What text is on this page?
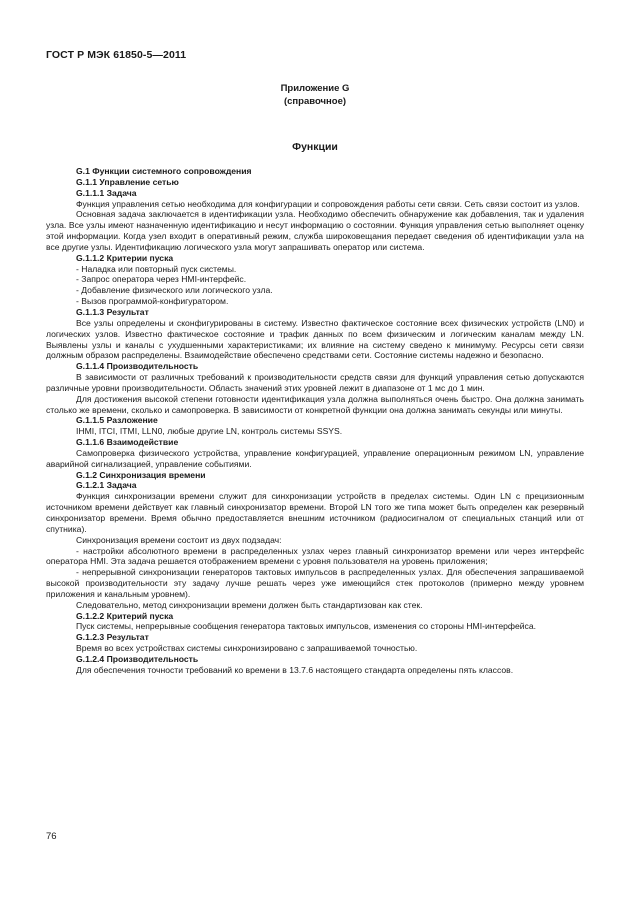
ГОСТ Р МЭК 61850-5—2011
Приложение G
(справочное)
Функции

G.1 Функции системного сопровождения

G.1.1 Управление сетью

G.1.1.1 Задача

Функция управления сетью необходима для конфигурации и сопровождения работы сети связи. Сеть связи состоит из узлов.

Основная задача заключается в идентификации узла. Необходимо обеспечить обнаружение как добавления, так и удаления узла. Все узлы имеют назначенную идентификацию и несут информацию о состоянии. Функция управления сетью выполняет оценку этой информации. Когда узел входит в оперативный режим, служба широковещания передает сведения об идентификации узла на все другие узлы. Идентификацию логического узла могут запрашивать оператор или система.

G.1.1.2 Критерии пуска

- Наладка или повторный пуск системы.

- Запрос оператора через HMI-интерфейс.

- Добавление физического или логического узла.

- Вызов программой-конфигуратором.

G.1.1.3 Результат

Все узлы определены и сконфигурированы в систему. Известно фактическое состояние всех физических устройств (LN0) и логических узлов. Известно фактическое состояние и трафик данных по всем физическим и логическим каналам между LN. Выявлены узлы и каналы с ухудшенными характеристиками; их влияние на систему сведено к минимуму. Ресурсы сети связи должным образом распределены. Взаимодействие обеспечено средствами сети. Состояние системы надежно и безопасно.

G.1.1.4 Производительность

В зависимости от различных требований к производительности средств связи для функций управления сетью допускаются различные уровни производительности. Область значений этих уровней лежит в диапазоне от 1 мс до 1 мин.

Для достижения высокой степени готовности идентификация узла должна выполняться очень быстро. Она должна занимать столько же времени, сколько и самопроверка. В зависимости от конкретной функции она должна занимать секунды или минуты.

G.1.1.5 Разложение

IHMI, ITCI, ITMI, LLN0, любые другие LN, контроль системы SSYS.

G.1.1.6 Взаимодействие

Самопроверка физического устройства, управление конфигурацией, управление операционным режимом LN, управление аварийной сигнализацией, управление событиями.

G.1.2 Синхронизация времени

G.1.2.1 Задача

Функция синхронизации времени служит для синхронизации устройств в пределах системы. Один LN с прецизионным источником времени действует как главный синхронизатор времени. Второй LN того же типа может быть определен как резервный синхронизатор времени. Время обычно предоставляется внешним источником (радиосигналом от специальных станций или от спутника).

Синхронизация времени состоит из двух подзадач:

- настройки абсолютного времени в распределенных узлах через главный синхронизатор времени или через интерфейс оператора HMI. Эта задача решается отображением времени с уровня пользователя на уровень приложения;

- непрерывной синхронизации генераторов тактовых импульсов в распределенных узлах. Для обеспечения запрашиваемой высокой производительности эту задачу лучше решать через уже имеющийся стек протоколов (примерно между уровнем приложения и канальным уровнем).

Следовательно, метод синхронизации времени должен быть стандартизован как стек.

G.1.2.2 Критерий пуска

Пуск системы, непрерывные сообщения генератора тактовых импульсов, изменения со стороны HMI-интерфейса.

G.1.2.3 Результат

Время во всех устройствах системы синхронизировано с запрашиваемой точностью.

G.1.2.4 Производительность

Для обеспечения точности требований ко времени в 13.7.6 настоящего стандарта определены пять классов.

76
